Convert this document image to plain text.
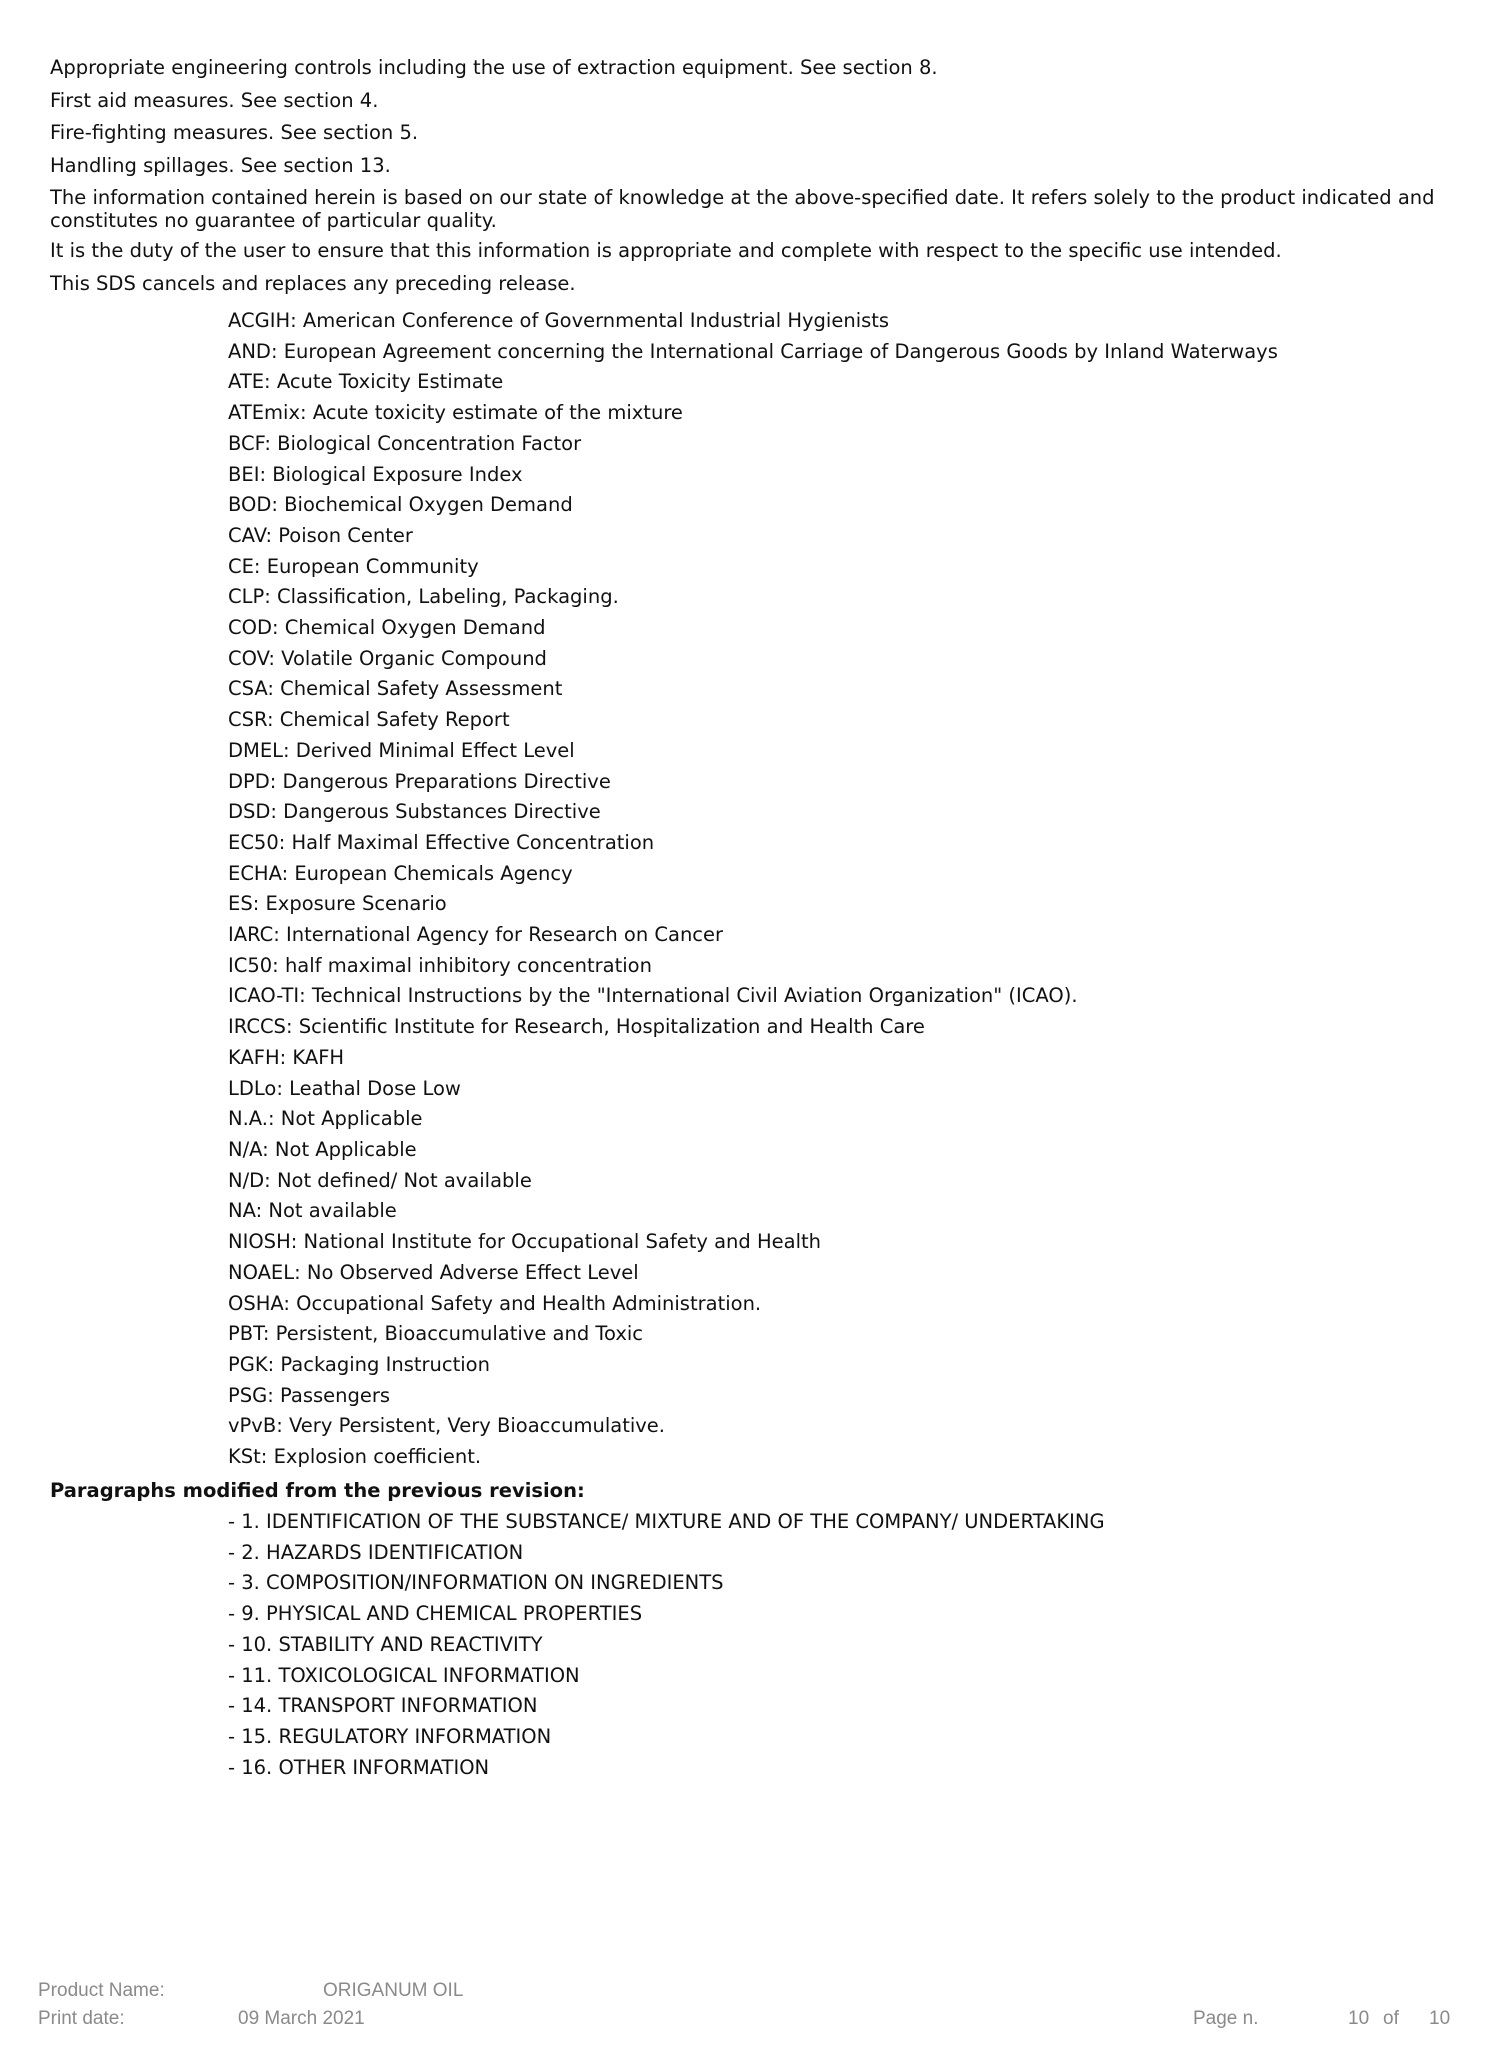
Appropriate engineering controls including the use of extraction equipment. See section 8.
First aid measures. See section 4.
Fire-fighting measures. See section 5.
Handling spillages. See section 13.
The information contained herein is based on our state of knowledge at the above-specified date. It refers solely to the product indicated and constitutes no guarantee of particular quality.
It is the duty of the user to ensure that this information is appropriate and complete with respect to the specific use intended.
This SDS cancels and replaces any preceding release.
ACGIH: American Conference of Governmental Industrial Hygienists
AND: European Agreement concerning the International Carriage of Dangerous Goods by Inland Waterways
ATE: Acute Toxicity Estimate
ATEmix: Acute toxicity estimate of the mixture
BCF: Biological Concentration Factor
BEI: Biological Exposure Index
BOD: Biochemical Oxygen Demand
CAV: Poison Center
CE: European Community
CLP: Classification, Labeling, Packaging.
COD: Chemical Oxygen Demand
COV: Volatile Organic Compound
CSA: Chemical Safety Assessment
CSR: Chemical Safety Report
DMEL: Derived Minimal Effect Level
DPD: Dangerous Preparations Directive
DSD: Dangerous Substances Directive
EC50: Half Maximal Effective Concentration
ECHA: European Chemicals Agency
ES: Exposure Scenario
IARC: International Agency for Research on Cancer
IC50: half maximal inhibitory concentration
ICAO-TI: Technical Instructions by the "International Civil Aviation Organization" (ICAO).
IRCCS: Scientific Institute for Research, Hospitalization and Health Care
KAFH: KAFH
LDLo: Leathal Dose Low
N.A.: Not Applicable
N/A: Not Applicable
N/D: Not defined/ Not available
NA: Not available
NIOSH: National Institute for Occupational Safety and Health
NOAEL: No Observed Adverse Effect Level
OSHA: Occupational Safety and Health Administration.
PBT: Persistent, Bioaccumulative and Toxic
PGK: Packaging Instruction
PSG: Passengers
vPvB: Very Persistent, Very Bioaccumulative.
KSt: Explosion coefficient.
Paragraphs modified from the previous revision:
- 1. IDENTIFICATION OF THE SUBSTANCE/ MIXTURE AND OF THE COMPANY/ UNDERTAKING
- 2. HAZARDS IDENTIFICATION
- 3. COMPOSITION/INFORMATION ON INGREDIENTS
- 9. PHYSICAL AND CHEMICAL PROPERTIES
- 10. STABILITY AND REACTIVITY
- 11. TOXICOLOGICAL INFORMATION
- 14. TRANSPORT INFORMATION
- 15. REGULATORY INFORMATION
- 16. OTHER INFORMATION
Product Name:	ORIGANUM OIL
Print date:	09 March 2021	Page n.	10 of 10
